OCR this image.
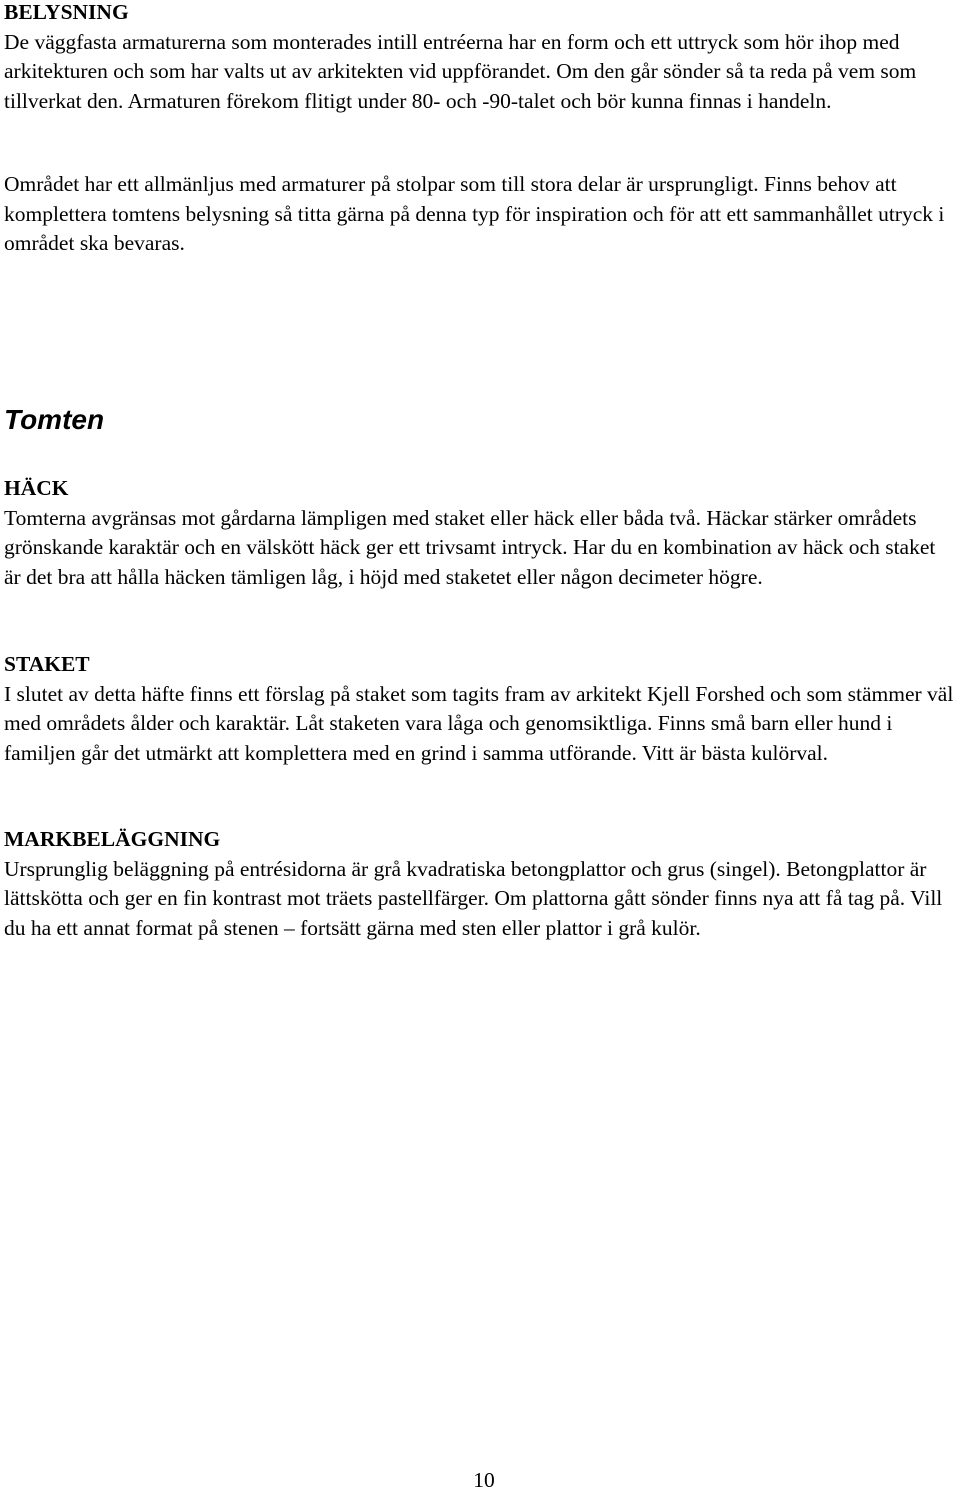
BELYSNING

De väggfasta armaturerna som monterades intill entréerna har en form och ett uttryck som hör ihop med arkitekturen och som har valts ut av arkitekten vid uppförandet. Om den går sönder så ta reda på vem som tillverkat den. Armaturen förekom flitigt under 80- och -90-talet och bör kunna finnas i handeln.

Området har ett allmänljus med armaturer på stolpar som till stora delar är ursprungligt. Finns behov att komplettera tomtens belysning så titta gärna på denna typ för inspiration och för att ett sammanhållet utryck i området ska bevaras.

Tomten
HÄCK

Tomterna avgränsas mot gårdarna lämpligen med staket eller häck eller båda två. Häckar stärker områdets grönskande karaktär och en välskött häck ger ett trivsamt intryck. Har du en kombination av häck och staket är det bra att hålla häcken tämligen låg, i höjd med staketet eller någon decimeter högre.

STAKET

I slutet av detta häfte finns ett förslag på staket som tagits fram av arkitekt Kjell Forshed och som stämmer väl med områdets ålder och karaktär. Låt staketen vara låga och genomsiktliga. Finns små barn eller hund i familjen går det utmärkt att komplettera med en grind i samma utförande. Vitt är bästa kulörval.

MARKBELÄGGNING

Ursprunglig beläggning på entrésidorna är grå kvadratiska betongplattor och grus (singel). Betongplattor är lättskötta och ger en fin kontrast mot träets pastellfärger. Om plattorna gått sönder finns nya att få tag på. Vill du ha ett annat format på stenen – fortsätt gärna med sten eller plattor i grå kulör.

10
